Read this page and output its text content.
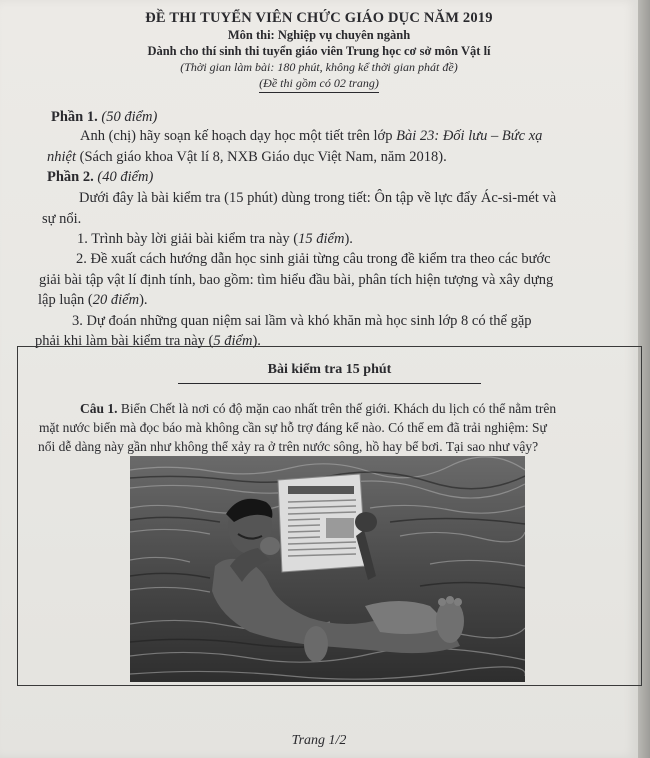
ĐỀ THI TUYỂN VIÊN CHỨC GIÁO DỤC NĂM 2019
Môn thi: Nghiệp vụ chuyên ngành
Dành cho thí sinh thi tuyển giáo viên Trung học cơ sở môn Vật lí
(Thời gian làm bài: 180 phút, không kể thời gian phát đề)
(Đề thi gồm có 02 trang)
Phần 1. (50 điểm)
Anh (chị) hãy soạn kế hoạch dạy học một tiết trên lớp Bài 23: Đối lưu – Bức xạ
nhiệt (Sách giáo khoa Vật lí 8, NXB Giáo dục Việt Nam, năm 2018).
Phần 2. (40 điểm)
Dưới đây là bài kiểm tra (15 phút) dùng trong tiết: Ôn tập về lực đẩy Ác-si-mét và
sự nổi.
1. Trình bày lời giải bài kiểm tra này (15 điểm).
2. Đề xuất cách hướng dẫn học sinh giải từng câu trong đề kiểm tra theo các bước
giải bài tập vật lí định tính, bao gồm: tìm hiểu đầu bài, phân tích hiện tượng và xây dựng
lập luận (20 điểm).
3. Dự đoán những quan niệm sai lầm và khó khăn mà học sinh lớp 8 có thể gặp
phải khi làm bài kiểm tra này (5 điểm).
Bài kiểm tra 15 phút
Câu 1. Biển Chết là nơi có độ mặn cao nhất trên thế giới. Khách du lịch có thể nằm trên
mặt nước biển mà đọc báo mà không cần sự hỗ trợ đáng kể nào. Có thể em đã trải nghiệm: Sự
nổi dễ dàng này gần như không thể xảy ra ở trên nước sông, hồ hay bể bơi. Tại sao như vậy?
Trang 1/2
